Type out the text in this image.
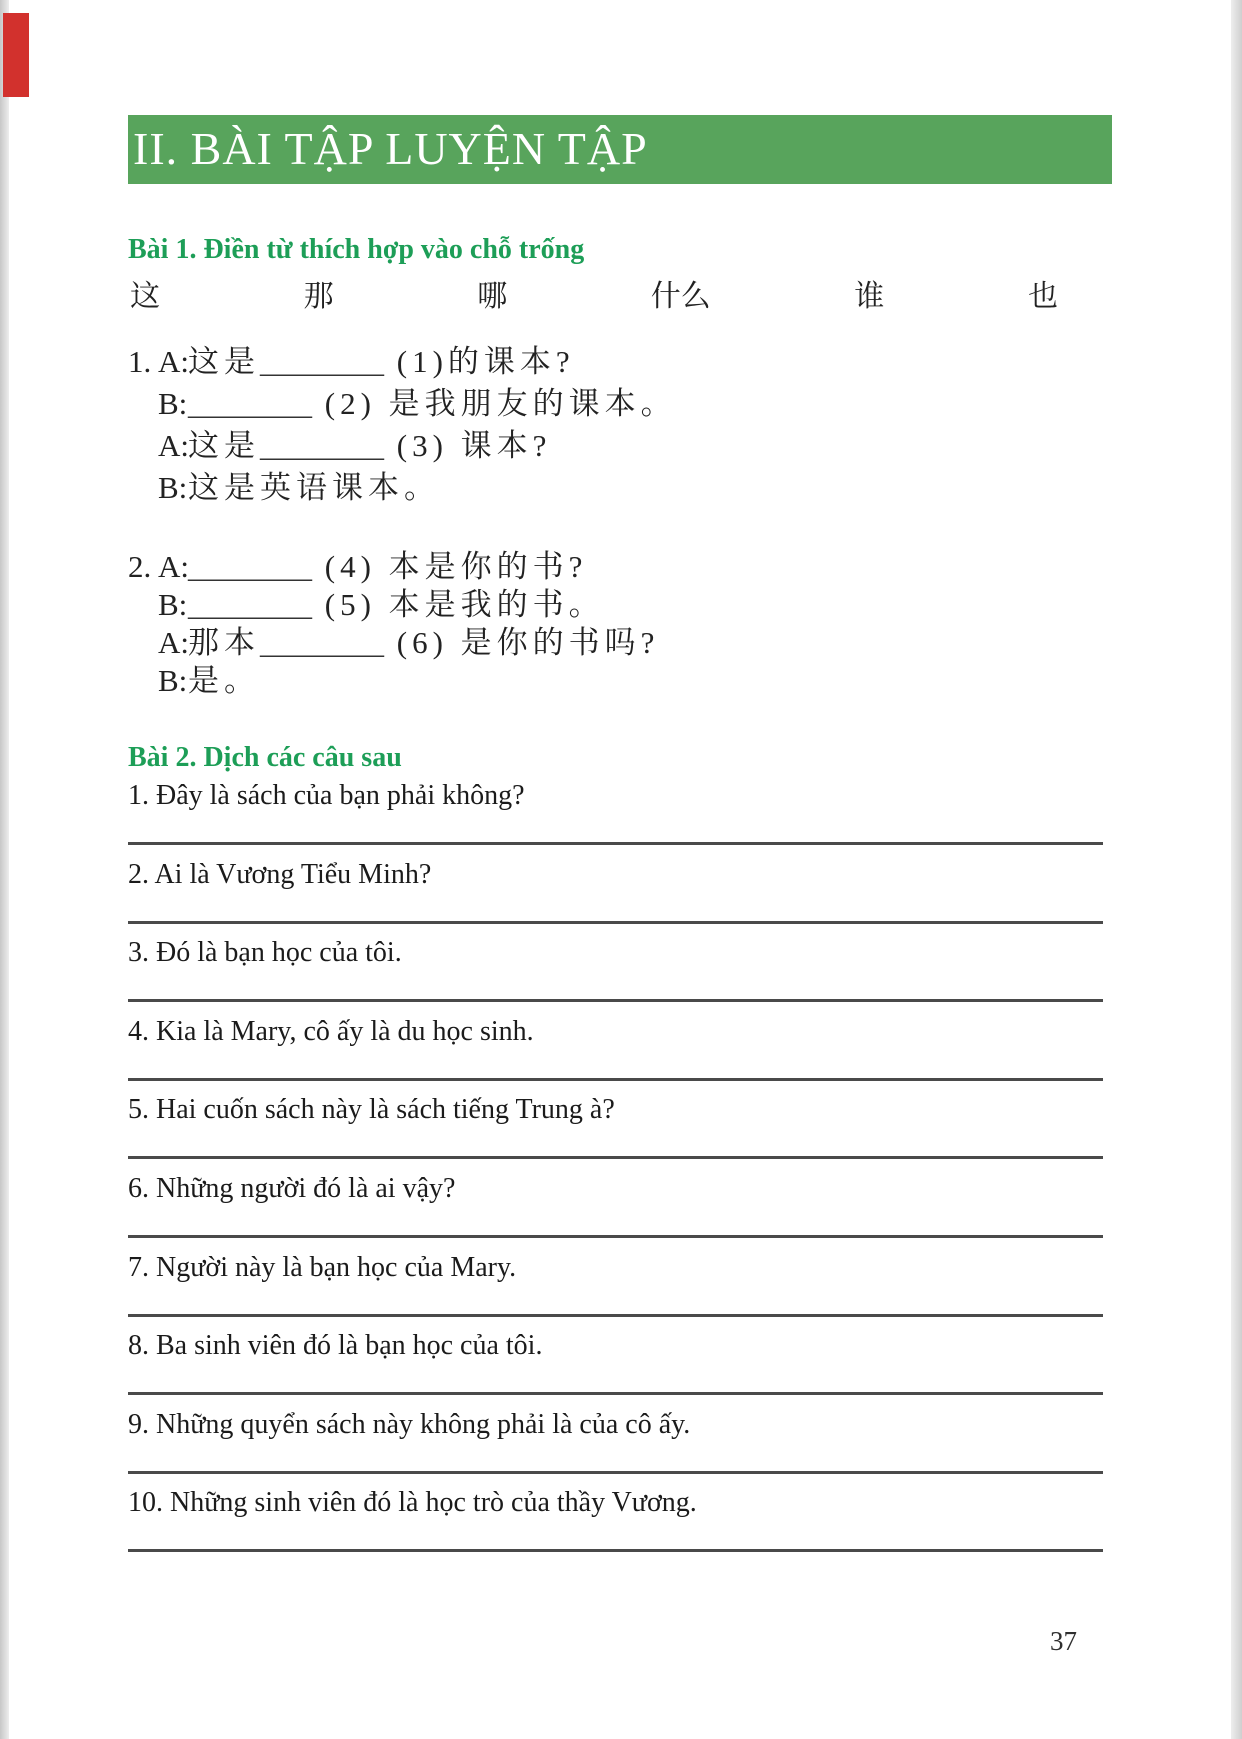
II. BÀI TẬP LUYỆN TẬP
Bài 1. Điền từ thích hợp vào chỗ trống
这	那	哪	什么	谁	也
1. A:这是________ (1)的课本?
B:________ (2) 是我朋友的课本。
A:这是________ (3) 课本?
B:这是英语课本。
2. A:________ (4) 本是你的书?
B:________ (5) 本是我的书。
A:那本________ (6) 是你的书吗?
B:是。
Bài 2. Dịch các câu sau

1. Đây là sách của bạn phải không?

2. Ai là Vương Tiểu Minh?

3. Đó là bạn học của tôi.

4. Kia là Mary, cô ấy là du học sinh.

5. Hai cuốn sách này là sách tiếng Trung à?

6. Những người đó là ai vậy?

7. Người này là bạn học của Mary.

8. Ba sinh viên đó là bạn học của tôi.

9. Những quyển sách này không phải là của cô ấy.

10. Những sinh viên đó là học trò của thầy Vương.

37
